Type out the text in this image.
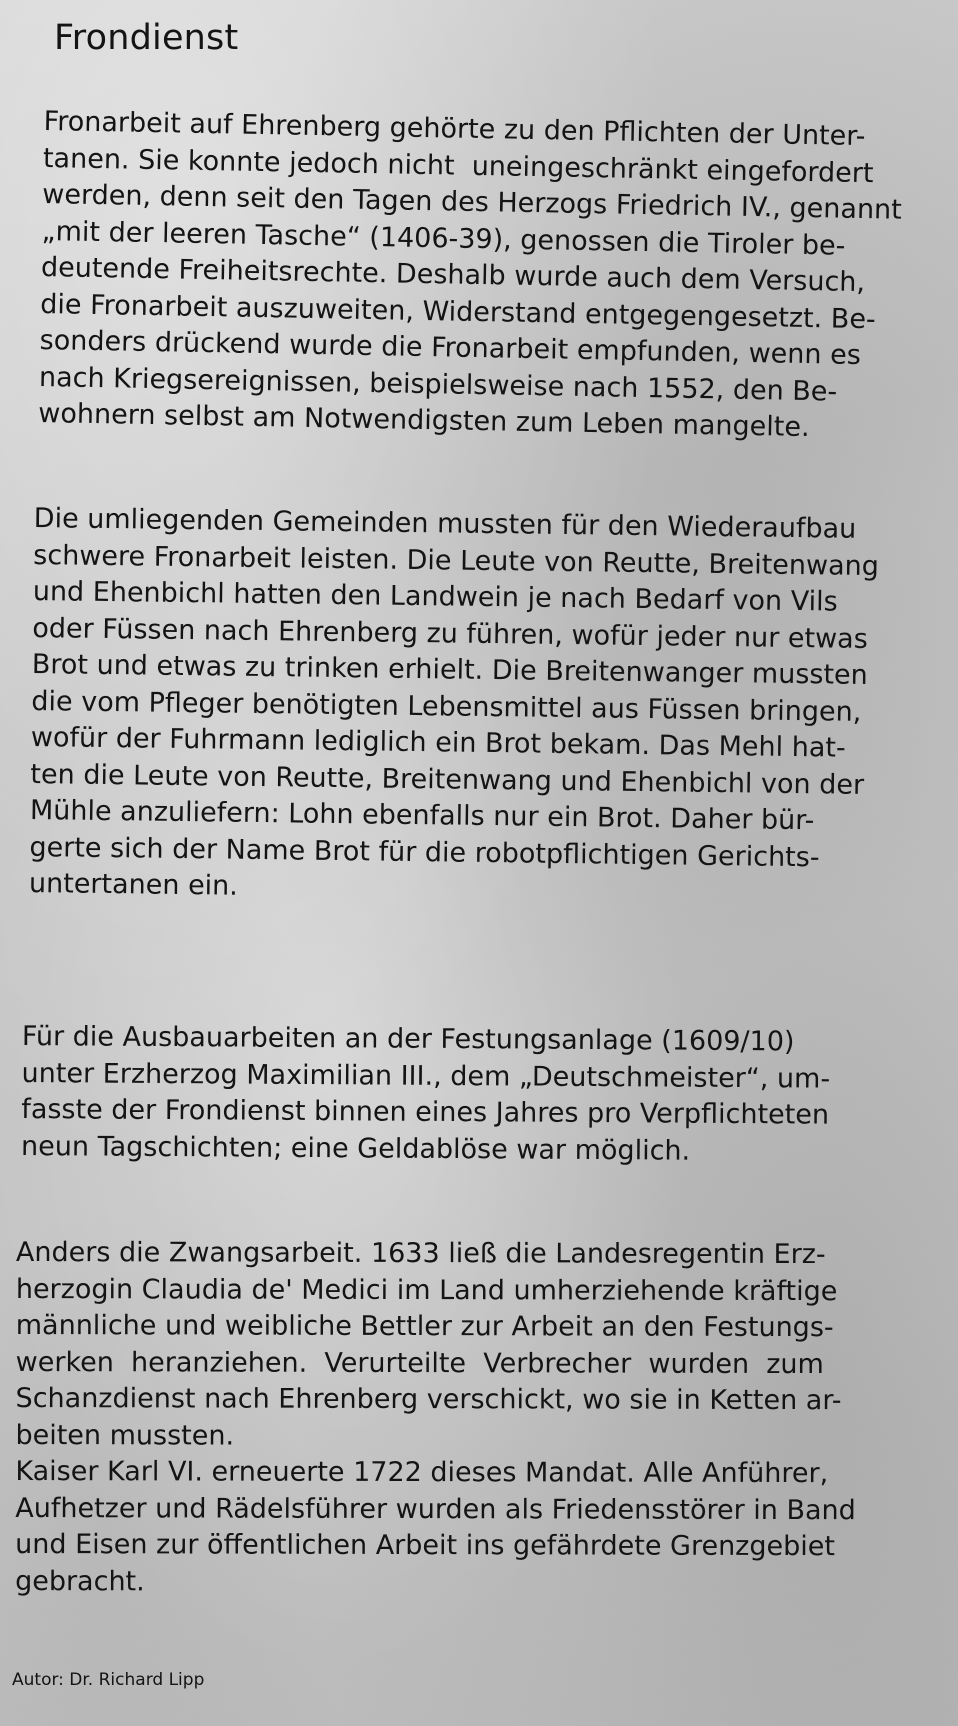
Frondienst

Fronarbeit auf Ehrenberg gehörte zu den Pflichten der Unter-
tanen. Sie konnte jedoch nicht  uneingeschränkt eingefordert
werden, denn seit den Tagen des Herzogs Friedrich IV., genannt
„mit der leeren Tasche“ (1406-39), genossen die Tiroler be-
deutende Freiheitsrechte. Deshalb wurde auch dem Versuch,
die Fronarbeit auszuweiten, Widerstand entgegengesetzt. Be-
sonders drückend wurde die Fronarbeit empfunden, wenn es
nach Kriegsereignissen, beispielsweise nach 1552, den Be-
wohnern selbst am Notwendigsten zum Leben mangelte.

Die umliegenden Gemeinden mussten für den Wiederaufbau
schwere Fronarbeit leisten. Die Leute von Reutte, Breitenwang
und Ehenbichl hatten den Landwein je nach Bedarf von Vils
oder Füssen nach Ehrenberg zu führen, wofür jeder nur etwas
Brot und etwas zu trinken erhielt. Die Breitenwanger mussten
die vom Pfleger benötigten Lebensmittel aus Füssen bringen,
wofür der Fuhrmann lediglich ein Brot bekam. Das Mehl hat-
ten die Leute von Reutte, Breitenwang und Ehenbichl von der
Mühle anzuliefern: Lohn ebenfalls nur ein Brot. Daher bür-
gerte sich der Name Brot für die robotpflichtigen Gerichts-
untertanen ein.

Für die Ausbauarbeiten an der Festungsanlage (1609/10)
unter Erzherzog Maximilian III., dem „Deutschmeister“, um-
fasste der Frondienst binnen eines Jahres pro Verpflichteten
neun Tagschichten; eine Geldablöse war möglich.

Anders die Zwangsarbeit. 1633 ließ die Landesregentin Erz-
herzogin Claudia de' Medici im Land umherziehende kräftige
männliche und weibliche Bettler zur Arbeit an den Festungs-
werken  heranziehen.  Verurteilte  Verbrecher  wurden  zum
Schanzdienst nach Ehrenberg verschickt, wo sie in Ketten ar-
beiten mussten.
Kaiser Karl VI. erneuerte 1722 dieses Mandat. Alle Anführer,
Aufhetzer und Rädelsführer wurden als Friedensstörer in Band
und Eisen zur öffentlichen Arbeit ins gefährdete Grenzgebiet
gebracht.

Autor: Dr. Richard Lipp
